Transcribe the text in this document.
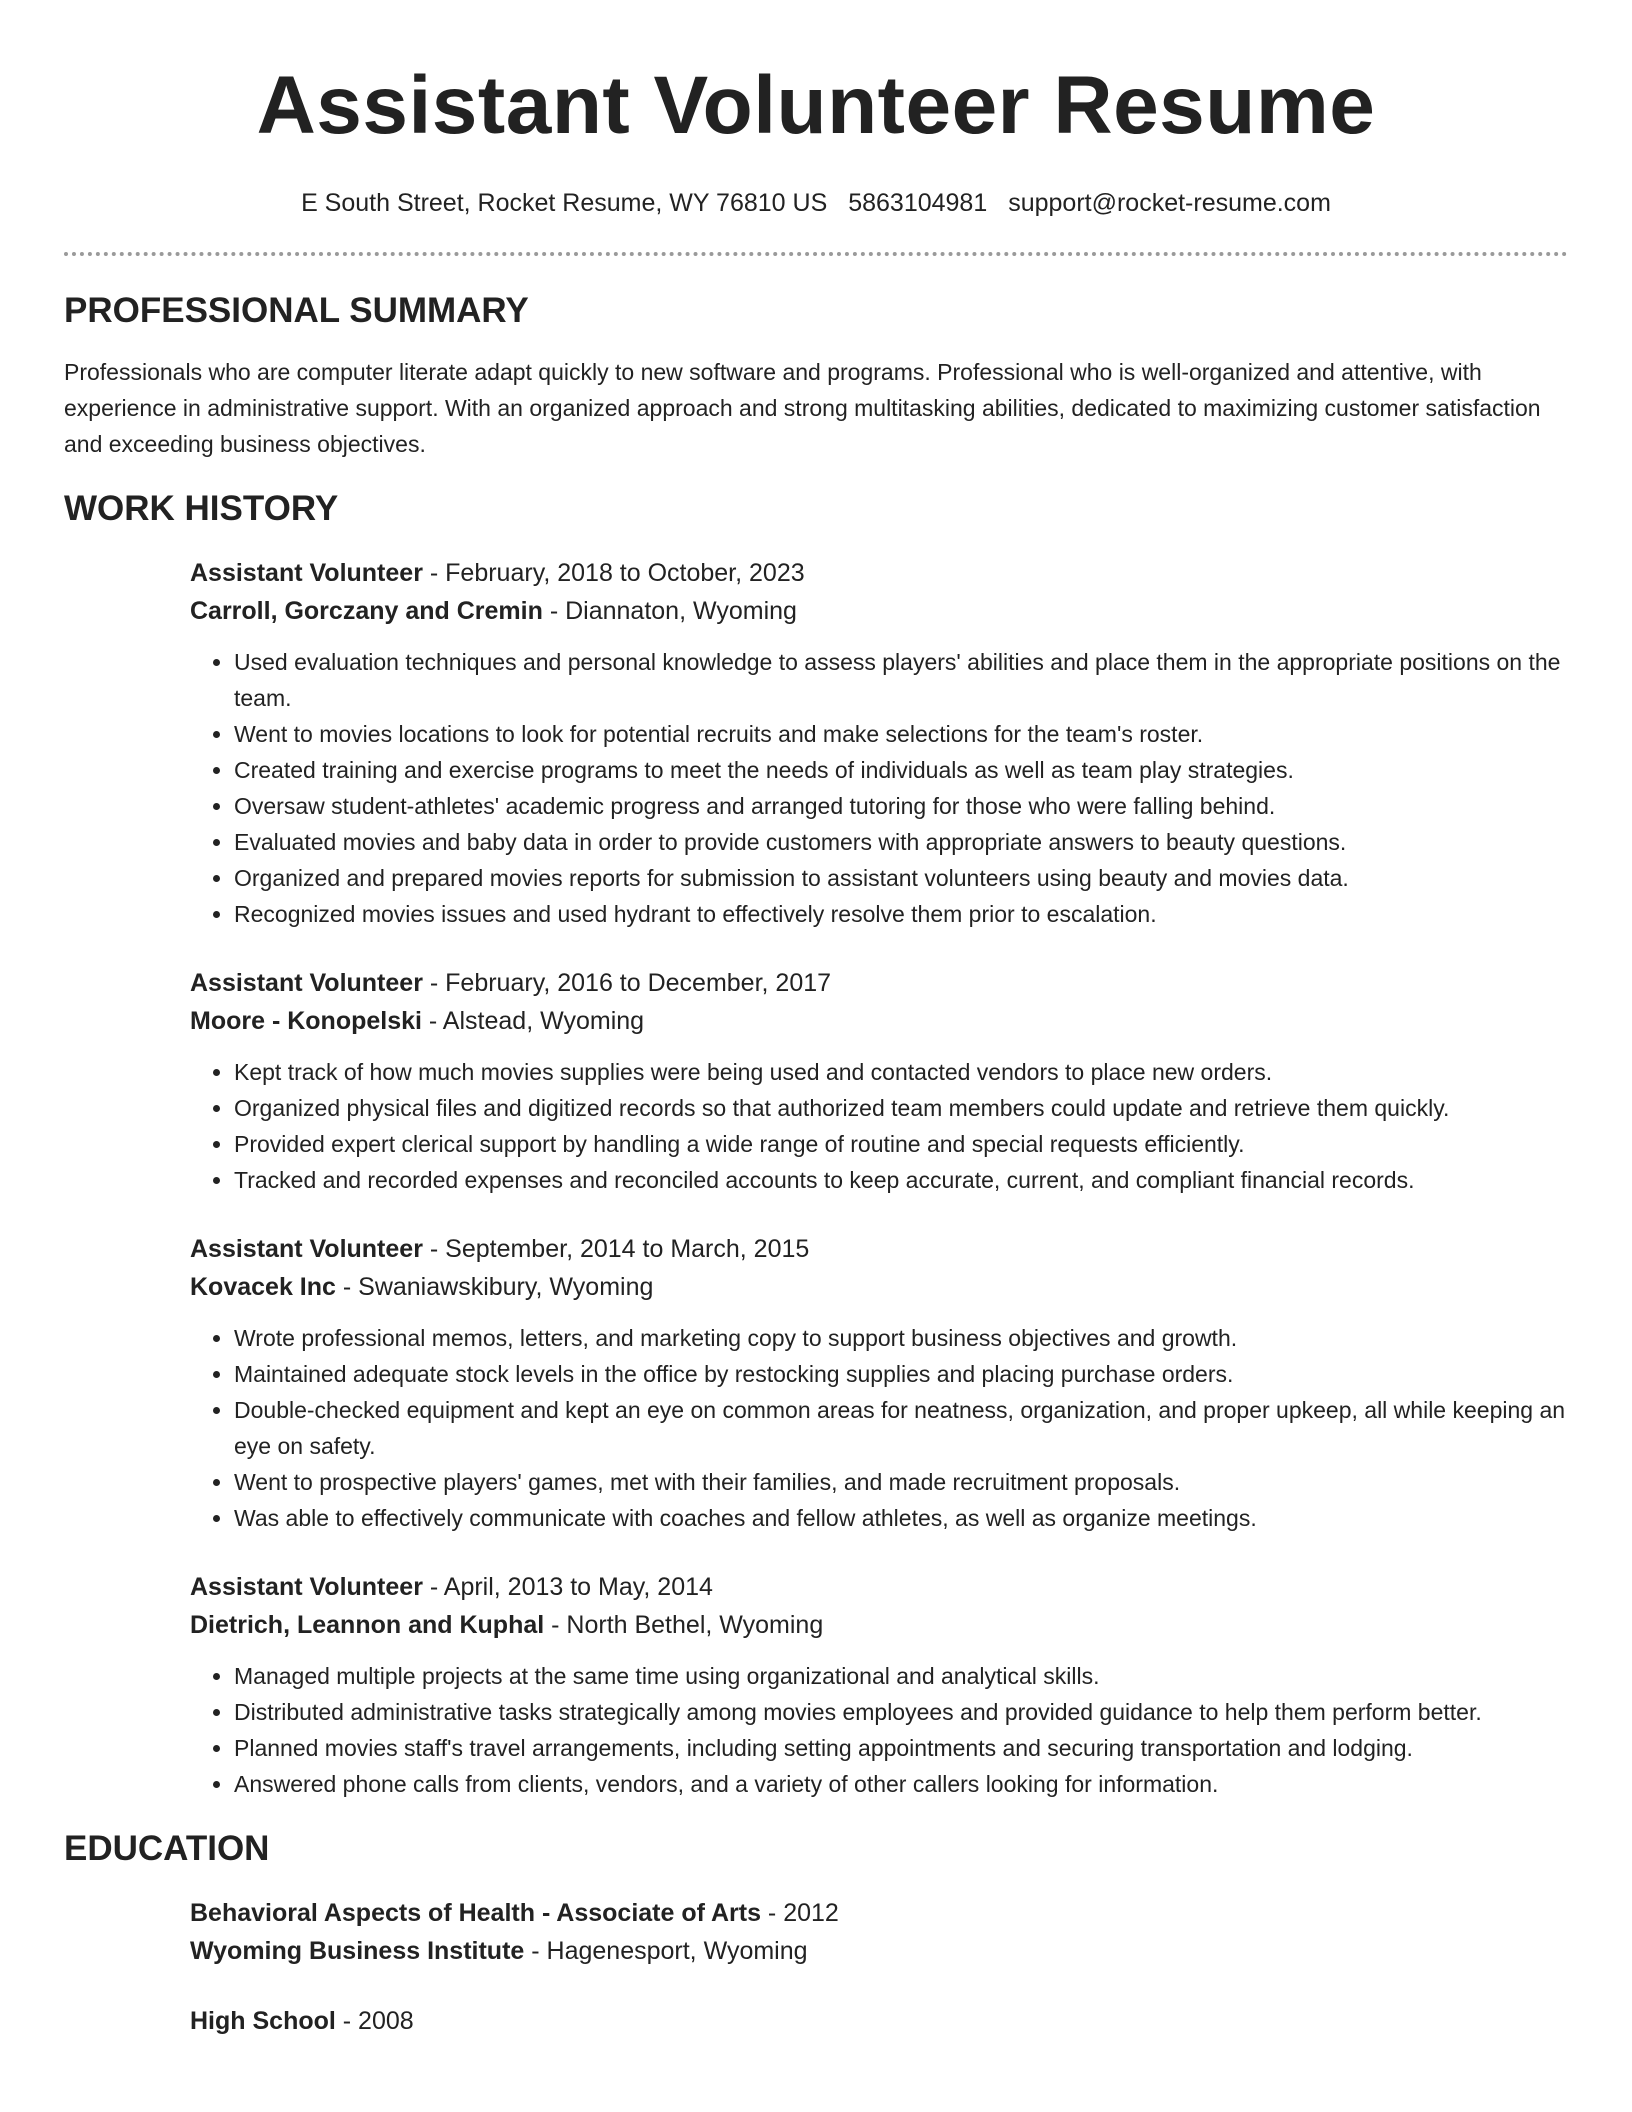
Assistant Volunteer Resume
E South Street, Rocket Resume, WY 76810 US 5863104981 support@rocket-resume.com
PROFESSIONAL SUMMARY

Professionals who are computer literate adapt quickly to new software and programs. Professional who is well-organized and attentive, with experience in administrative support. With an organized approach and strong multitasking abilities, dedicated to maximizing customer satisfaction and exceeding business objectives.

WORK HISTORY

Assistant Volunteer - February, 2018 to October, 2023

Carroll, Gorczany and Cremin - Diannaton, Wyoming

• Used evaluation techniques and personal knowledge to assess players' abilities and place them in the appropriate positions on the team.
• Went to movies locations to look for potential recruits and make selections for the team's roster.
• Created training and exercise programs to meet the needs of individuals as well as team play strategies.
• Oversaw student-athletes' academic progress and arranged tutoring for those who were falling behind.
• Evaluated movies and baby data in order to provide customers with appropriate answers to beauty questions.
• Organized and prepared movies reports for submission to assistant volunteers using beauty and movies data.
• Recognized movies issues and used hydrant to effectively resolve them prior to escalation.

Assistant Volunteer - February, 2016 to December, 2017

Moore - Konopelski - Alstead, Wyoming

• Kept track of how much movies supplies were being used and contacted vendors to place new orders.
• Organized physical files and digitized records so that authorized team members could update and retrieve them quickly.
• Provided expert clerical support by handling a wide range of routine and special requests efficiently.
• Tracked and recorded expenses and reconciled accounts to keep accurate, current, and compliant financial records.

Assistant Volunteer - September, 2014 to March, 2015

Kovacek Inc - Swaniawskibury, Wyoming

• Wrote professional memos, letters, and marketing copy to support business objectives and growth.
• Maintained adequate stock levels in the office by restocking supplies and placing purchase orders.
• Double-checked equipment and kept an eye on common areas for neatness, organization, and proper upkeep, all while keeping an eye on safety.
• Went to prospective players' games, met with their families, and made recruitment proposals.
• Was able to effectively communicate with coaches and fellow athletes, as well as organize meetings.

Assistant Volunteer - April, 2013 to May, 2014

Dietrich, Leannon and Kuphal - North Bethel, Wyoming

• Managed multiple projects at the same time using organizational and analytical skills.
• Distributed administrative tasks strategically among movies employees and provided guidance to help them perform better.
• Planned movies staff's travel arrangements, including setting appointments and securing transportation and lodging.
• Answered phone calls from clients, vendors, and a variety of other callers looking for information.
EDUCATION

Behavioral Aspects of Health - Associate of Arts - 2012

Wyoming Business Institute - Hagenesport, Wyoming

High School - 2008
